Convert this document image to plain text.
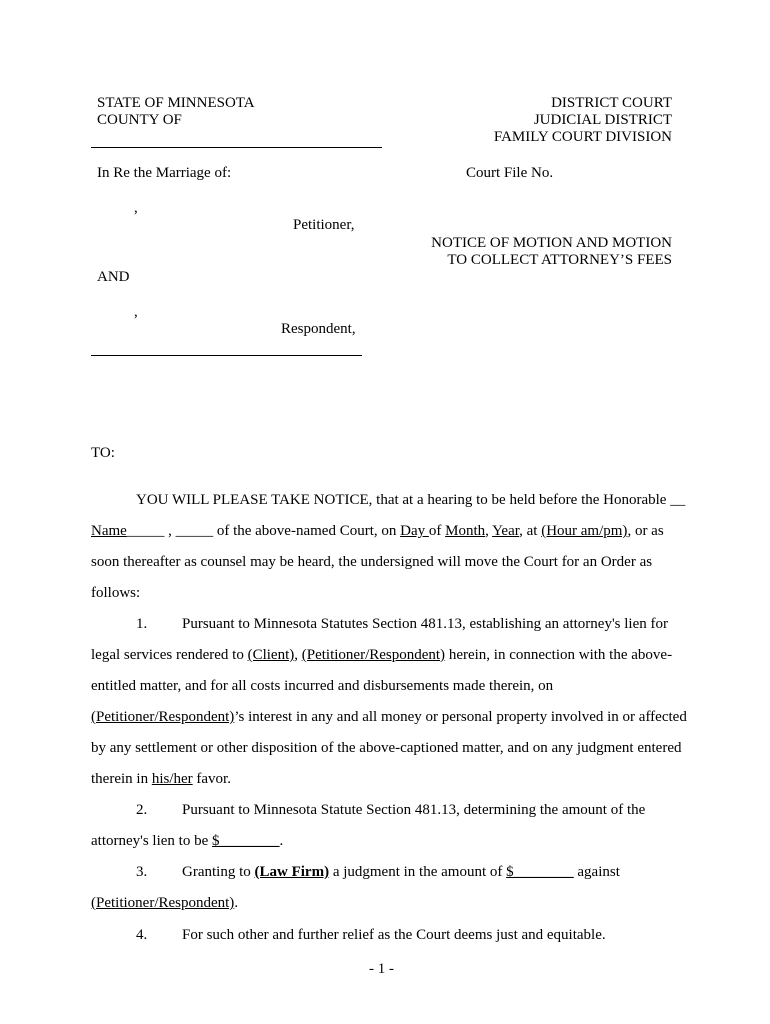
STATE OF MINNESOTA
COUNTY OF
DISTRICT COURT
JUDICIAL DISTRICT
FAMILY COURT DIVISION
In Re the Marriage of:	Court File No.
,
Petitioner,
NOTICE OF MOTION AND MOTION
TO COLLECT ATTORNEY’S FEES
AND
,
Respondent,
TO:
YOU WILL PLEASE TAKE NOTICE, that at a hearing to be held before the Honorable __
Name_____ , _____ of the above-named Court, on Day of Month, Year, at (Hour am/pm), or as
soon thereafter as counsel may be heard, the undersigned will move the Court for an Order as
follows:
1. Pursuant to Minnesota Statutes Section 481.13, establishing an attorney's lien for
legal services rendered to (Client), (Petitioner/Respondent) herein, in connection with the above-
entitled matter, and for all costs incurred and disbursements made therein, on
(Petitioner/Respondent)’s interest in any and all money or personal property involved in or affected
by any settlement or other disposition of the above-captioned matter, and on any judgment entered
therein in his/her favor.
2. Pursuant to Minnesota Statute Section 481.13, determining the amount of the
attorney's lien to be $________.
3. Granting to (Law Firm) a judgment in the amount of $________ against
(Petitioner/Respondent).
4. For such other and further relief as the Court deems just and equitable.
- 1 -
